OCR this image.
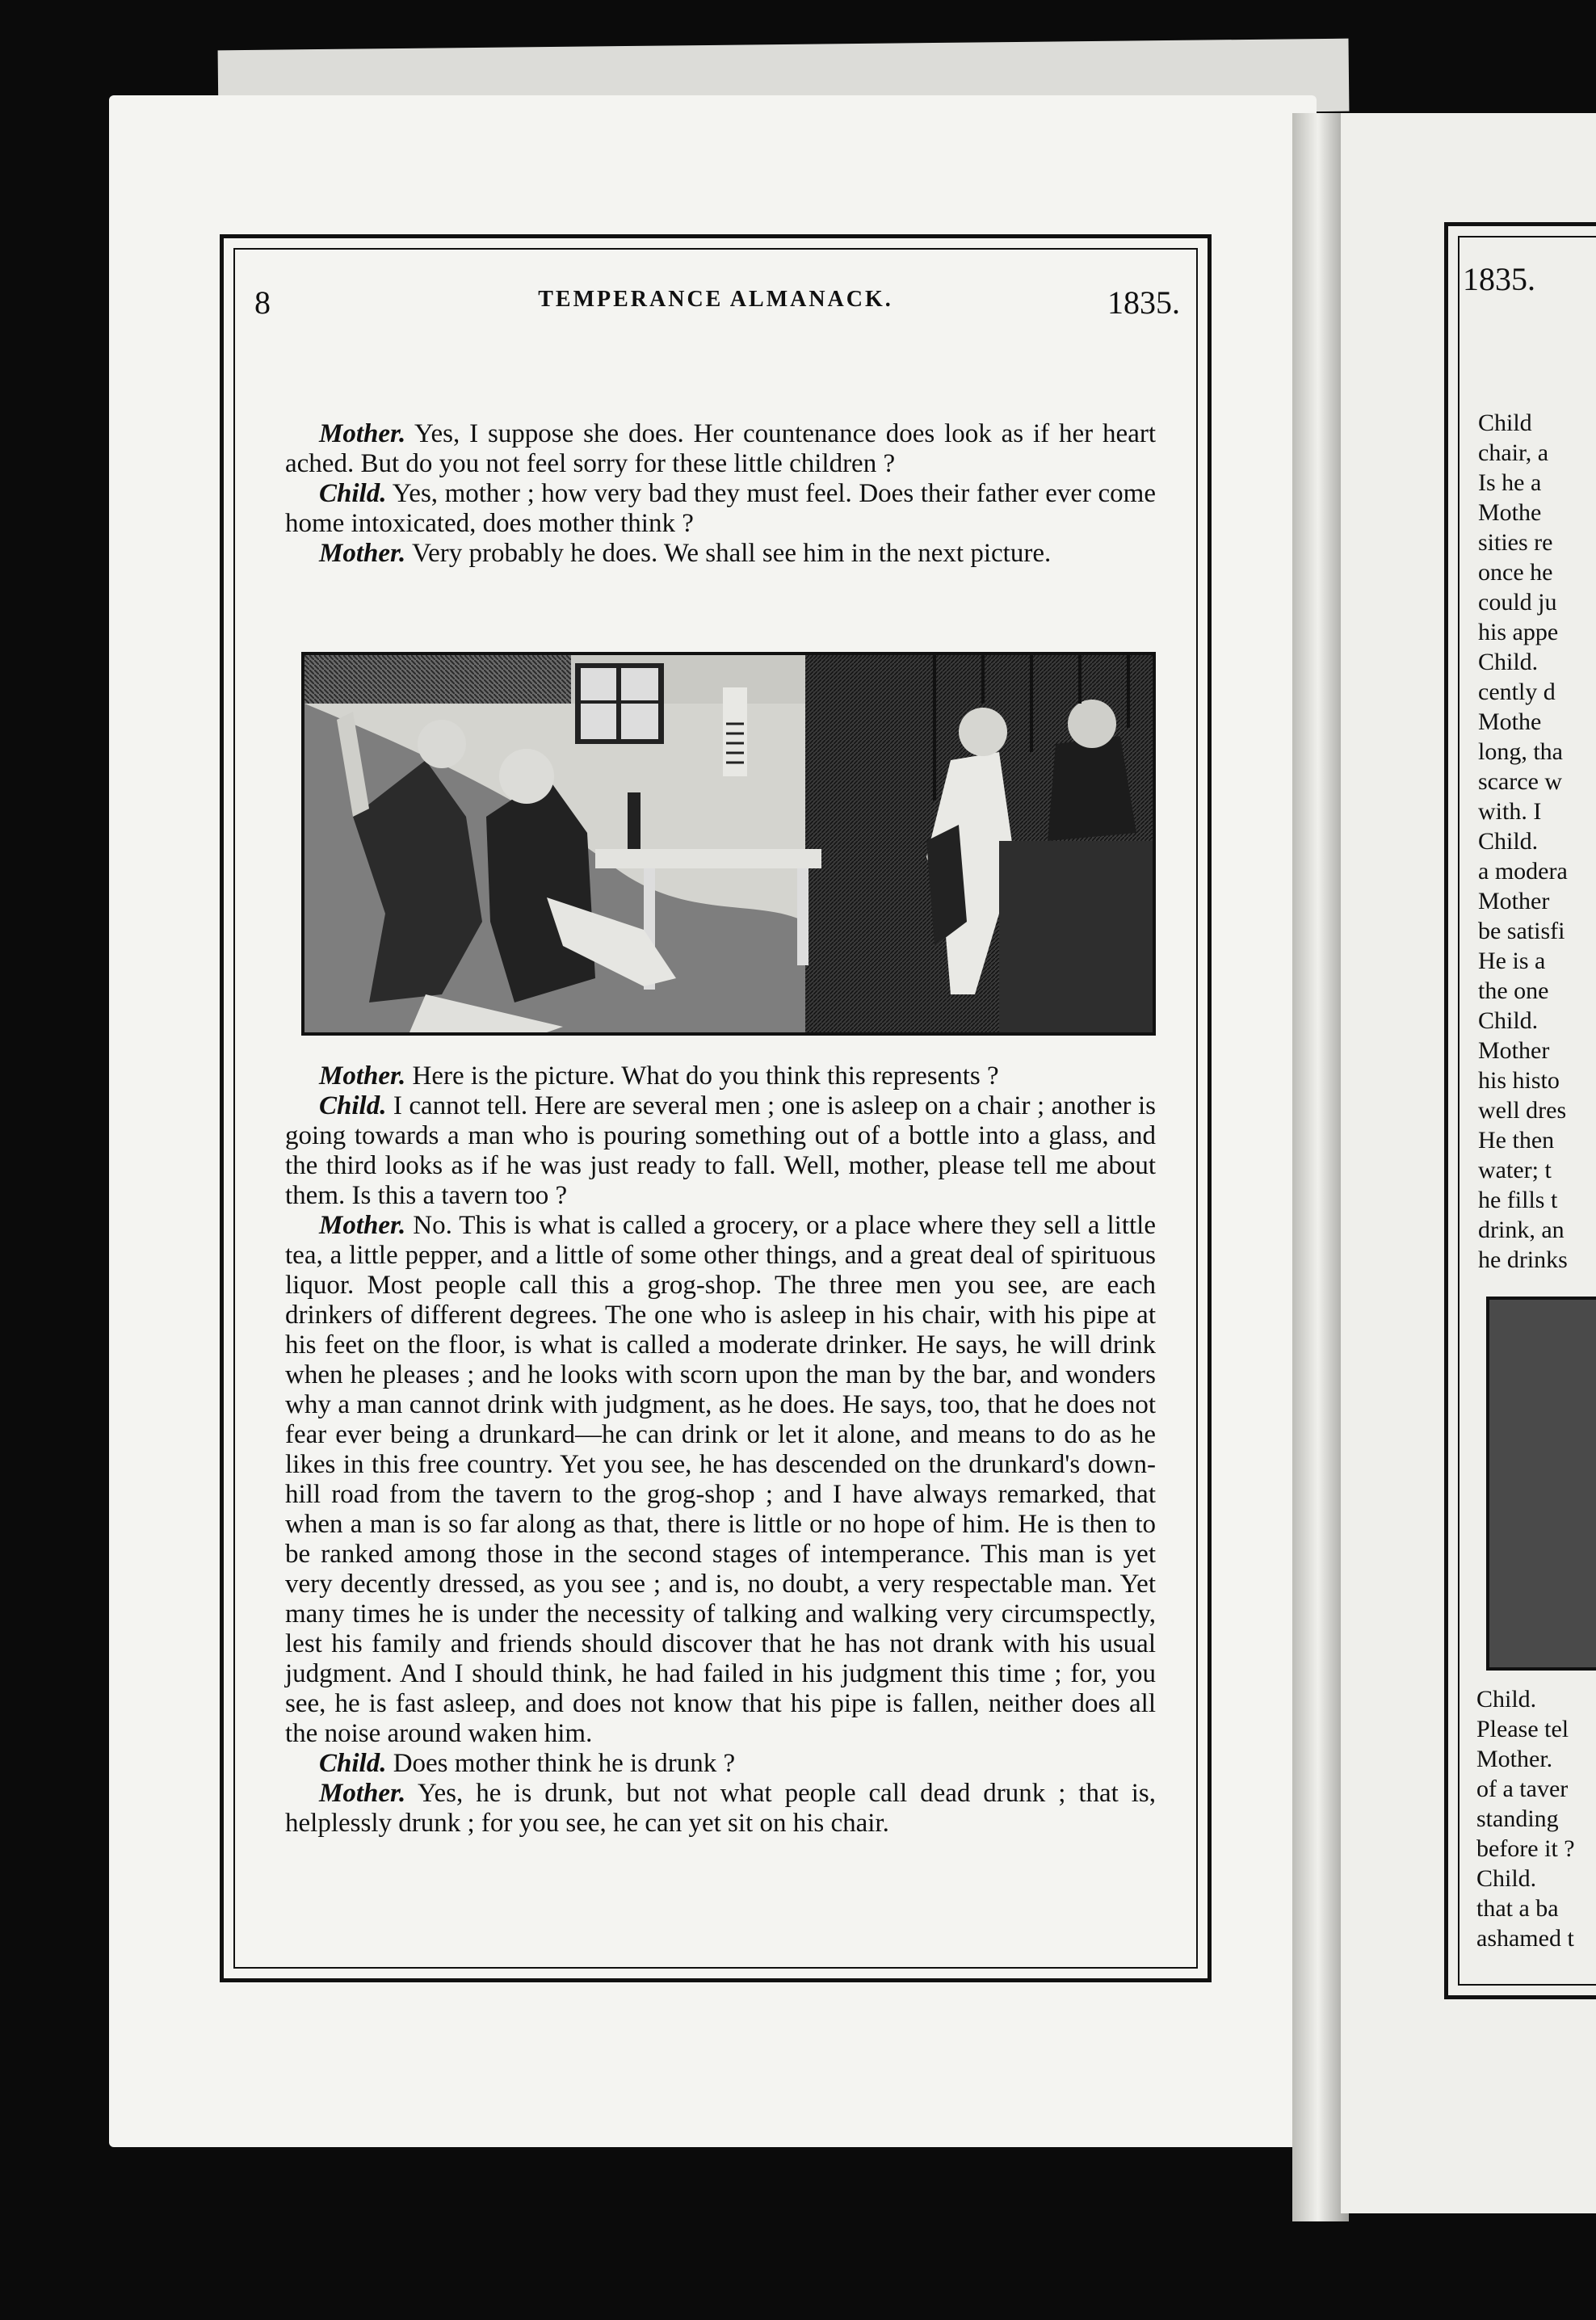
8	TEMPERANCE ALMANACK.	1835.

Mother. Yes, I suppose she does. Her countenance does look as if her heart ached. But do you not feel sorry for these little children ?

Child. Yes, mother ; how very bad they must feel. Does their father ever come home intoxicated, does mother think ?

Mother. Very probably he does. We shall see him in the next picture.

Mother. Here is the picture. What do you think this represents ?

Child. I cannot tell. Here are several men ; one is asleep on a chair ; another is going towards a man who is pouring something out of a bottle into a glass, and the third looks as if he was just ready to fall. Well, mother, please tell me about them. Is this a tavern too ?

Mother. No. This is what is called a grocery, or a place where they sell a little tea, a little pepper, and a little of some other things, and a great deal of spirituous liquor. Most people call this a grog-shop. The three men you see, are each drinkers of different degrees. The one who is asleep in his chair, with his pipe at his feet on the floor, is what is called a moderate drinker. He says, he will drink when he pleases ; and he looks with scorn upon the man by the bar, and wonders why a man cannot drink with judgment, as he does. He says, too, that he does not fear ever being a drunkard—he can drink or let it alone, and means to do as he likes in this free country. Yet you see, he has descended on the drunkard's down-hill road from the tavern to the grog-shop ; and I have always remarked, that when a man is so far along as that, there is little or no hope of him. He is then to be ranked among those in the second stages of intemperance. This man is yet very decently dressed, as you see ; and is, no doubt, a very respectable man. Yet many times he is under the necessity of talking and walking very circumspectly, lest his family and friends should discover that he has not drank with his usual judgment. And I should think, he had failed in his judgment this time ; for, you see, he is fast asleep, and does not know that his pipe is fallen, neither does all the noise around waken him.

Child. Does mother think he is drunk ?

Mother. Yes, he is drunk, but not what people call dead drunk ; that is, helplessly drunk ; for you see, he can yet sit on his chair.

1835.
Child
chair, a
Is he a
Mothe
sities re
once he
could ju
his appe
Child.
cently d
Mothe
long, tha
scarce w
with. I
Child.
a modera
Mother
be satisfi
He is a
the one
Child.
Mother
his histo
well dres
He then
water; t
he fills t
drink, an
he drinks
Child.
Please tel
Mother.
of a taver
standing
before it ?
Child.
that a ba
ashamed t
